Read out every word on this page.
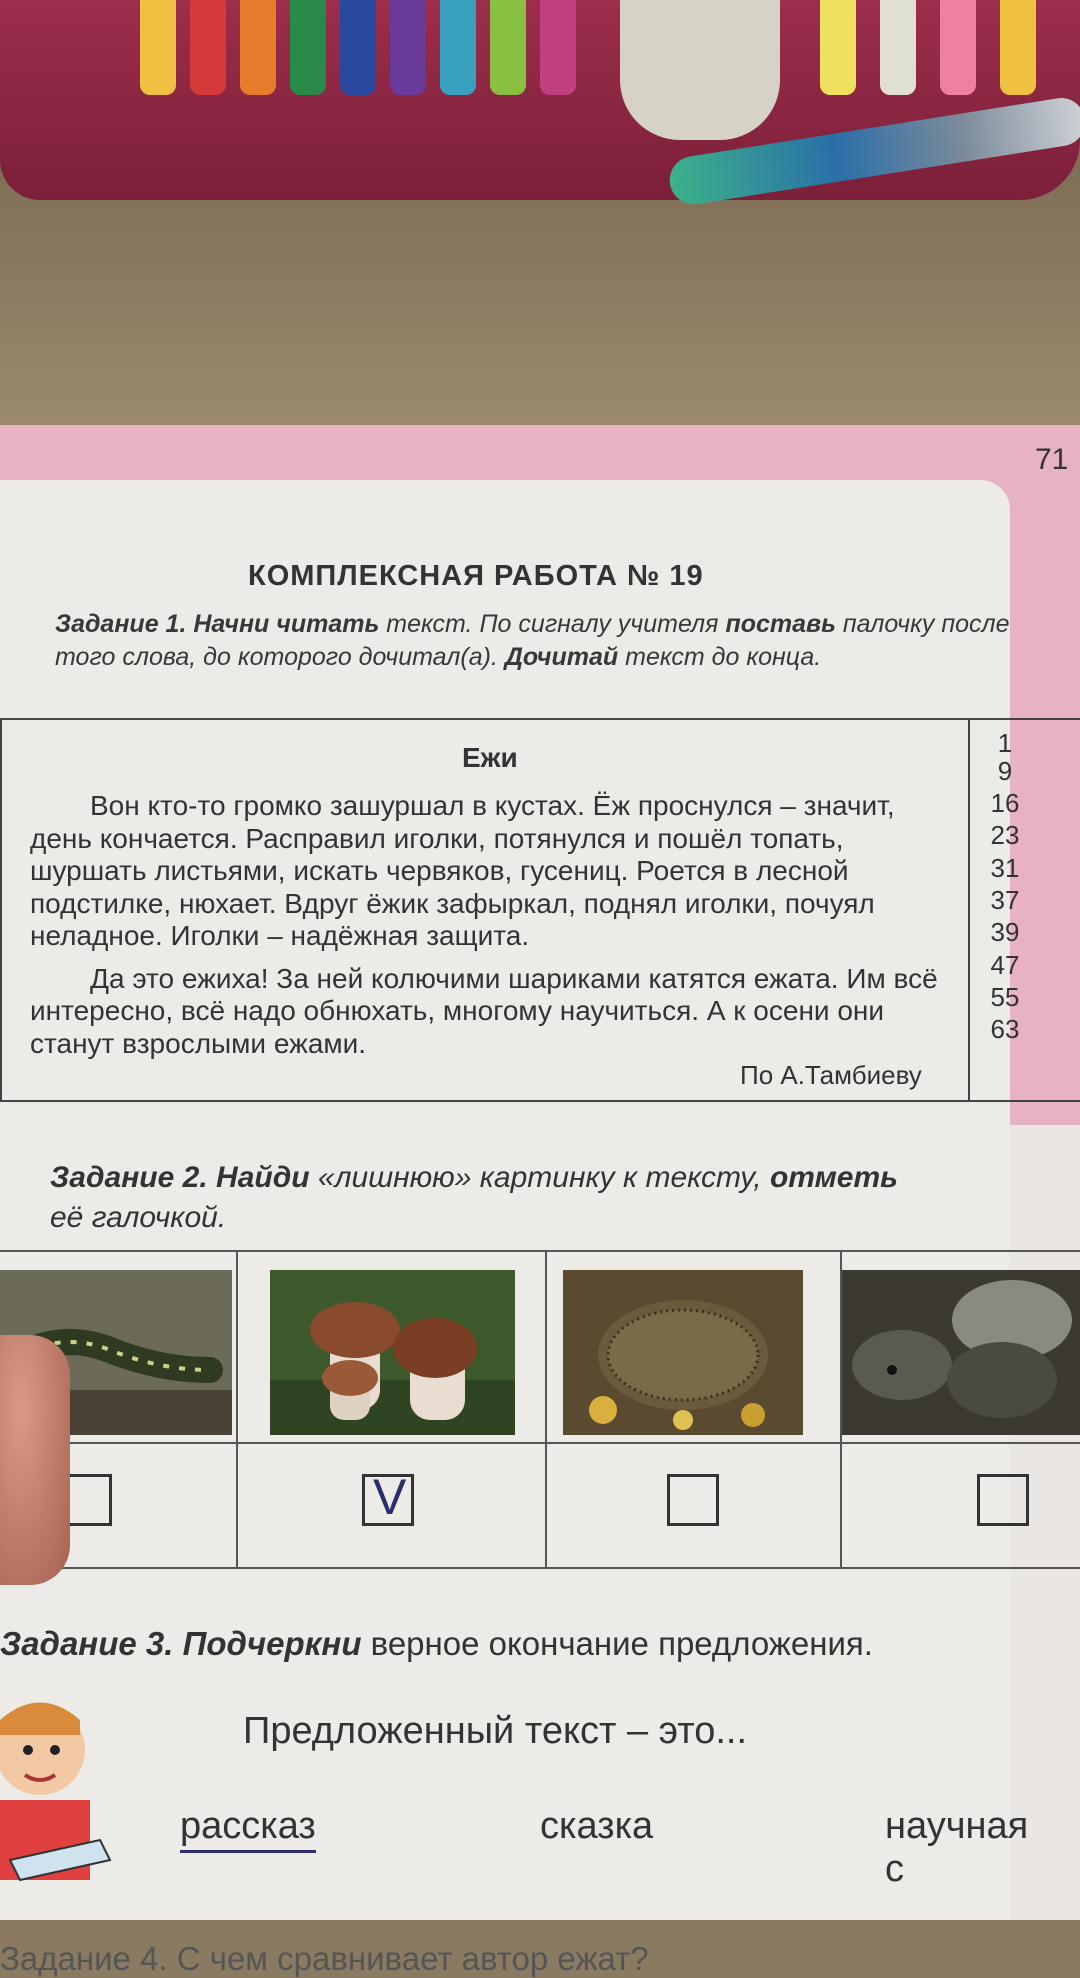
71
КОМПЛЕКСНАЯ РАБОТА № 19
Задание 1. Начни читать текст. По сигналу учителя поставь палочку после того слова, до которого дочитал(а). Дочитай текст до конца.
Ежи

Вон кто-то громко зашуршал в кустах. Ёж проснулся – значит, день кончается. Расправил иголки, потянулся и пошёл топать, шуршать листьями, искать червяков, гусениц. Роется в лесной подстилке, нюхает. Вдруг ёжик зафыркал, поднял иголки, почуял неладное. Иголки – надёжная защита.

Да это ежиха! За ней колючими шариками катятся ежата. Им всё интересно, всё надо обнюхать, многому научиться. А к осени они станут взрослыми ежами.

По А.Тамбиеву
1
9
16
23
31
37
39
47
55
63
Задание 2. Найди «лишнюю» картинку к тексту, отметь
её галочкой.
V
Задание 3. Подчеркни верное окончание предложения.
Предложенный текст – это...
рассказ	сказка	научная с
Задание 4. С чем сравнивает автор ежат?
